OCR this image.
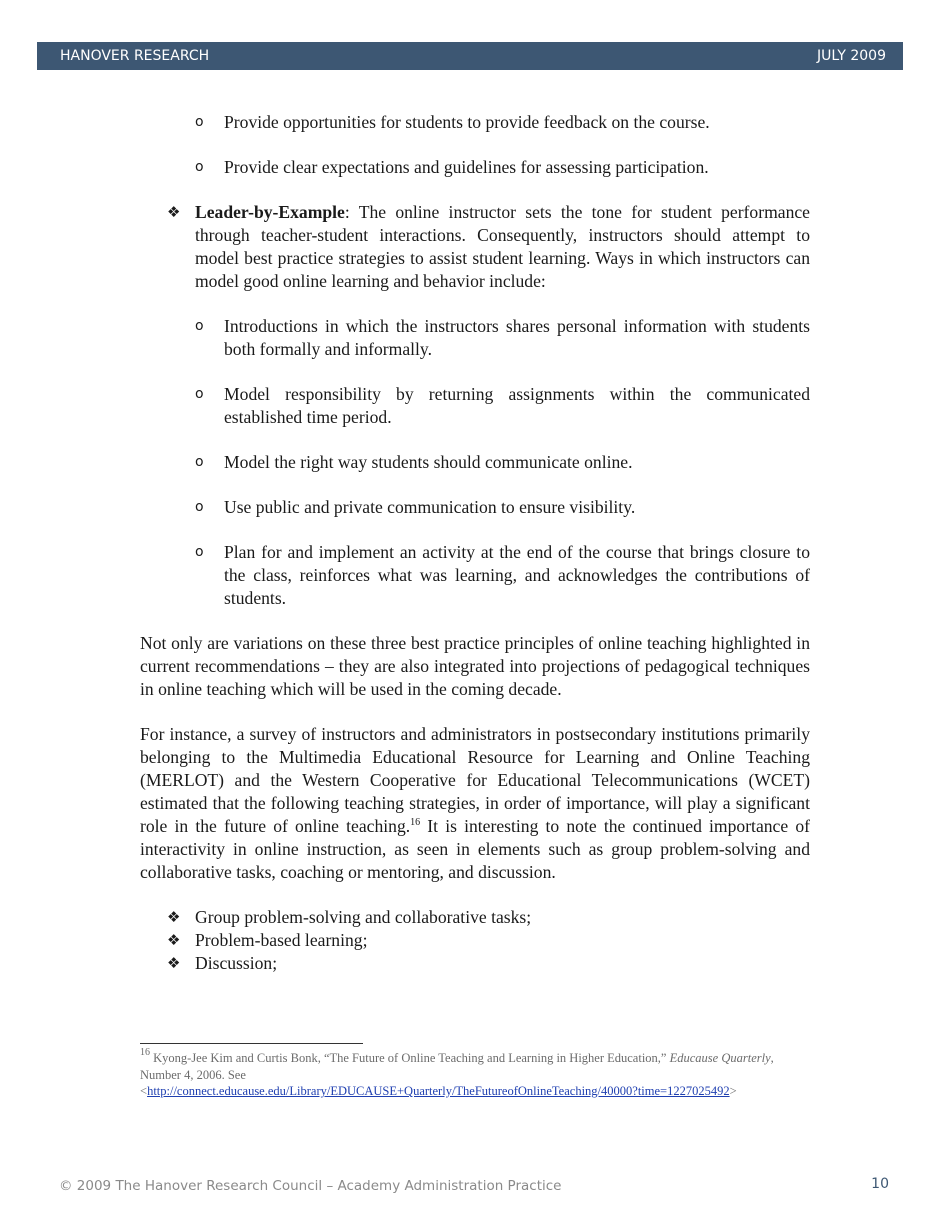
HANOVER RESEARCH	JULY 2009
o Provide opportunities for students to provide feedback on the course.
o Provide clear expectations and guidelines for assessing participation.
❖ Leader-by-Example: The online instructor sets the tone for student performance through teacher-student interactions. Consequently, instructors should attempt to model best practice strategies to assist student learning. Ways in which instructors can model good online learning and behavior include:
o Introductions in which the instructors shares personal information with students both formally and informally.
o Model responsibility by returning assignments within the communicated established time period.
o Model the right way students should communicate online.
o Use public and private communication to ensure visibility.
o Plan for and implement an activity at the end of the course that brings closure to the class, reinforces what was learning, and acknowledges the contributions of students.
Not only are variations on these three best practice principles of online teaching highlighted in current recommendations – they are also integrated into projections of pedagogical techniques in online teaching which will be used in the coming decade.
For instance, a survey of instructors and administrators in postsecondary institutions primarily belonging to the Multimedia Educational Resource for Learning and Online Teaching (MERLOT) and the Western Cooperative for Educational Telecommunications (WCET) estimated that the following teaching strategies, in order of importance, will play a significant role in the future of online teaching.$^{16}$ It is interesting to note the continued importance of interactivity in online instruction, as seen in elements such as group problem-solving and collaborative tasks, coaching or mentoring, and discussion.
❖ Group problem-solving and collaborative tasks;
❖ Problem-based learning;
❖ Discussion;
$^{16}$ Kyong-Jee Kim and Curtis Bonk, “The Future of Online Teaching and Learning in Higher Education,” Educause Quarterly, Number 4, 2006. See
<http://connect.educause.edu/Library/EDUCAUSE+Quarterly/TheFutureofOnlineTeaching/40000?time=1227025492>
© 2009 The Hanover Research Council – Academy Administration Practice	10
